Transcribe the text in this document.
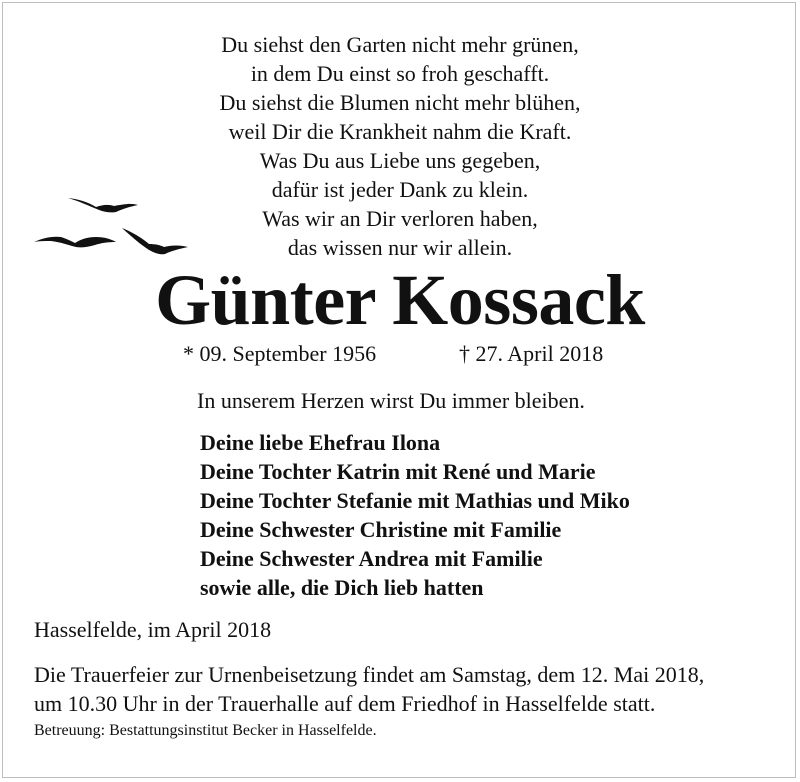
Du siehst den Garten nicht mehr grünen,
in dem Du einst so froh geschafft.
Du siehst die Blumen nicht mehr blühen,
weil Dir die Krankheit nahm die Kraft.
Was Du aus Liebe uns gegeben,
dafür ist jeder Dank zu klein.
Was wir an Dir verloren haben,
das wissen nur wir allein.
Günter Kossack
* 09. September 1956	† 27. April 2018
In unserem Herzen wirst Du immer bleiben.
Deine liebe Ehefrau Ilona
Deine Tochter Katrin mit René und Marie
Deine Tochter Stefanie mit Mathias und Miko
Deine Schwester Christine mit Familie
Deine Schwester Andrea mit Familie
sowie alle, die Dich lieb hatten
Hasselfelde, im April 2018
Die Trauerfeier zur Urnenbeisetzung findet am Samstag, dem 12. Mai 2018,
um 10.30 Uhr in der Trauerhalle auf dem Friedhof in Hasselfelde statt.
Betreuung: Bestattungsinstitut Becker in Hasselfelde.
